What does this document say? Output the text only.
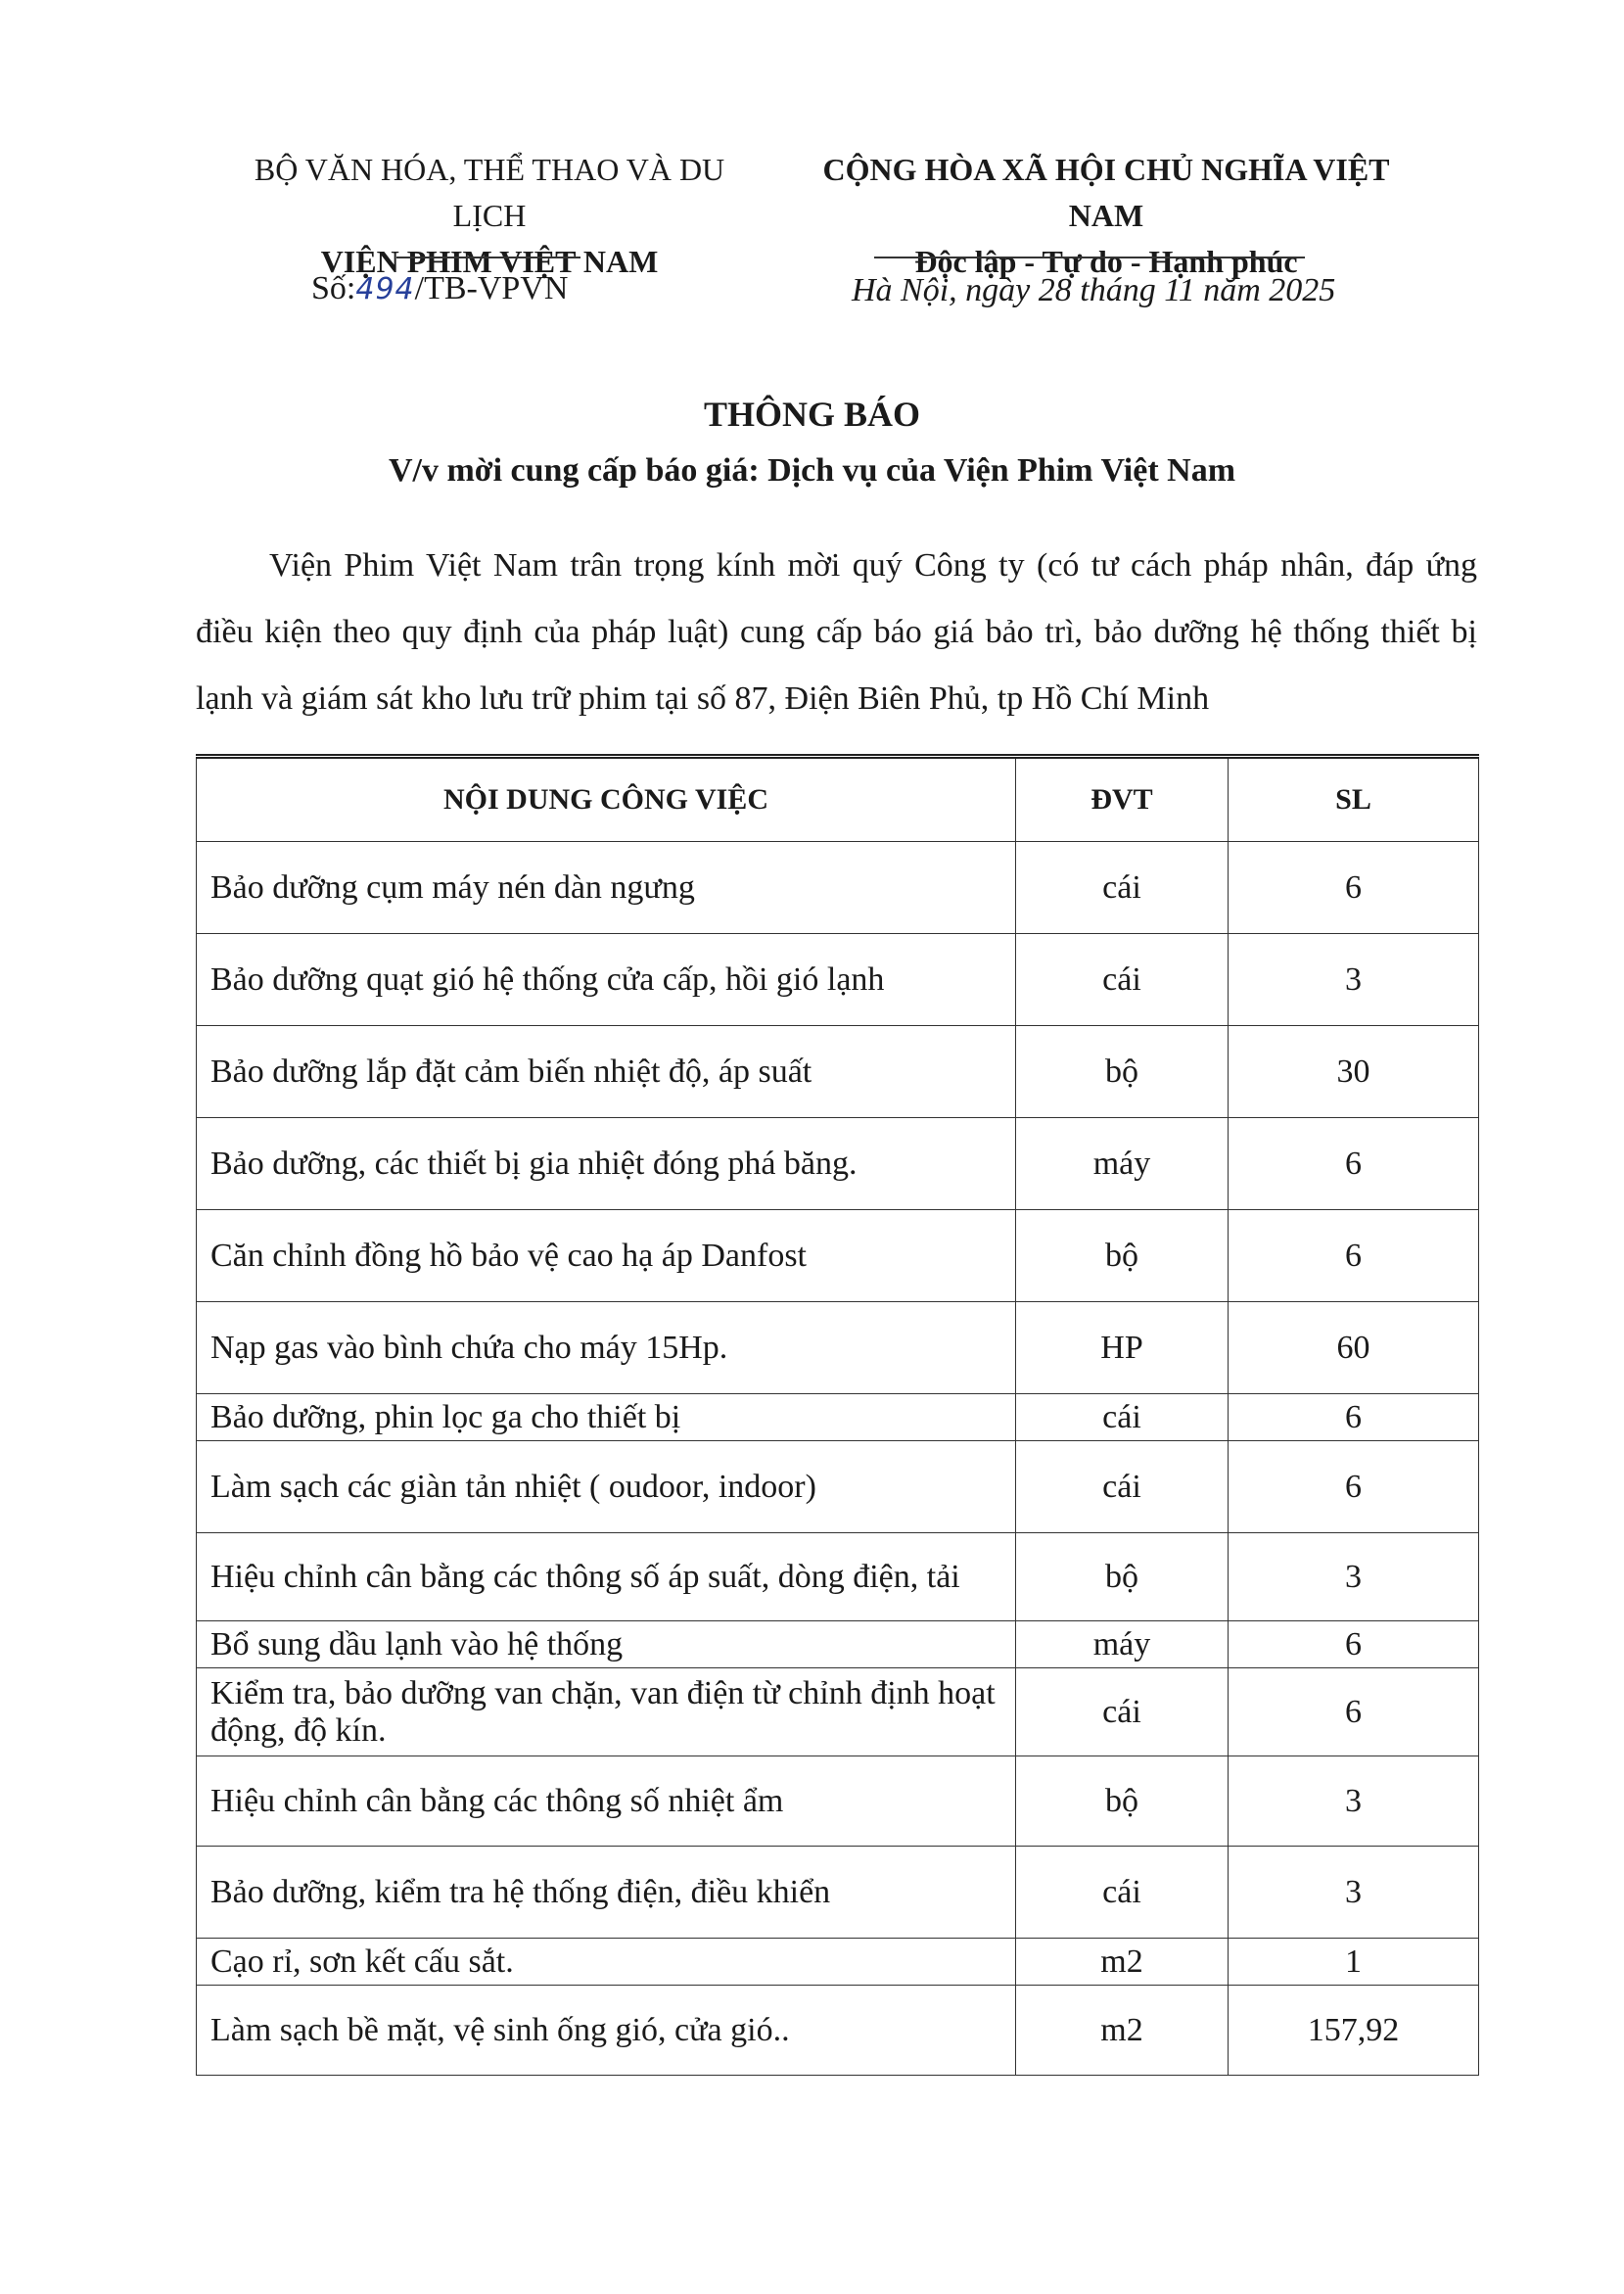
BỘ VĂN HÓA, THỂ THAO VÀ DU LỊCH
VIỆN PHIM VIỆT NAM
CỘNG HÒA XÃ HỘI CHỦ NGHĨA VIỆT NAM
Độc lập - Tự do - Hạnh phúc
Số:494/TB-VPVN	Hà Nội, ngày 28 tháng 11 năm 2025
THÔNG BÁO
V/v mời cung cấp báo giá: Dịch vụ của Viện Phim Việt Nam
Viện Phim Việt Nam trân trọng kính mời quý Công ty (có tư cách pháp nhân, đáp ứng điều kiện theo quy định của pháp luật) cung cấp báo giá bảo trì, bảo dưỡng hệ thống thiết bị lạnh và giám sát kho lưu trữ phim tại số 87, Điện Biên Phủ, tp Hồ Chí Minh
NỘI DUNG CÔNG VIỆC	ĐVT	SL
Bảo dưỡng cụm máy nén dàn ngưng	cái	6
Bảo dưỡng quạt gió hệ thống cửa cấp, hồi gió lạnh	cái	3
Bảo dưỡng lắp đặt cảm biến nhiệt độ, áp suất	bộ	30
Bảo dưỡng, các thiết bị gia nhiệt đóng phá băng.	máy	6
Căn chỉnh đồng hồ bảo vệ cao hạ áp Danfost	bộ	6
Nạp gas vào bình chứa cho máy 15Hp.	HP	60
Bảo dưỡng, phin lọc ga cho thiết bị	cái	6
Làm sạch các giàn tản nhiệt ( oudoor, indoor)	cái	6
Hiệu chỉnh cân bằng các thông số áp suất, dòng điện, tải	bộ	3
Bổ sung dầu lạnh vào hệ thống	máy	6
Kiểm tra, bảo dưỡng van chặn, van điện từ chỉnh định hoạt động, độ kín.	cái	6
Hiệu chỉnh cân bằng các thông số nhiệt ẩm	bộ	3
Bảo dưỡng, kiểm tra hệ thống điện, điều khiển	cái	3
Cạo rỉ, sơn kết cấu sắt.	m2	1
Làm sạch bề mặt, vệ sinh ống gió, cửa gió..	m2	157,92
